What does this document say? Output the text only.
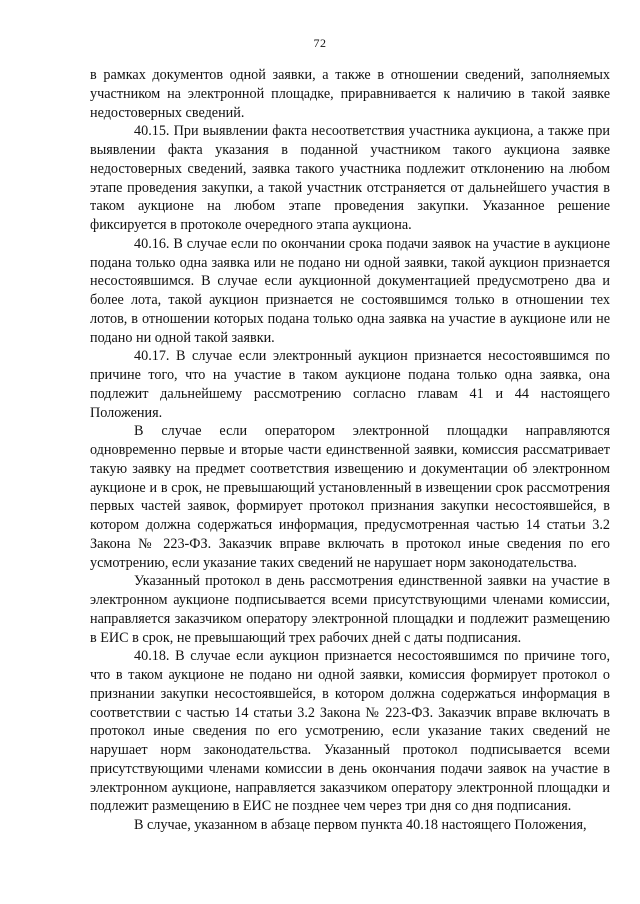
72

в рамках документов одной заявки, а также в отношении сведений, заполняемых участником на электронной площадке, приравнивается к наличию в такой заявке недостоверных сведений.

40.15. При выявлении факта несоответствия участника аукциона, а также при выявлении факта указания в поданной участником такого аукциона заявке недостоверных сведений, заявка такого участника подлежит отклонению на любом этапе проведения закупки, а такой участник отстраняется от дальнейшего участия в таком аукционе на любом этапе проведения закупки. Указанное решение фиксируется в протоколе очередного этапа аукциона.

40.16. В случае если по окончании срока подачи заявок на участие в аукционе подана только одна заявка или не подано ни одной заявки, такой аукцион признается несостоявшимся. В случае если аукционной документацией предусмотрено два и более лота, такой аукцион признается не состоявшимся только в отношении тех лотов, в отношении которых подана только одна заявка на участие в аукционе или не подано ни одной такой заявки.

40.17. В случае если электронный аукцион признается несостоявшимся по причине того, что на участие в таком аукционе подана только одна заявка, она подлежит дальнейшему рассмотрению согласно главам 41 и 44 настоящего Положения.

В случае если оператором электронной площадки направляются одновременно первые и вторые части единственной заявки, комиссия рассматривает такую заявку на предмет соответствия извещению и документации об электронном аукционе и в срок, не превышающий установленный в извещении срок рассмотрения первых частей заявок, формирует протокол признания закупки несостоявшейся, в котором должна содержаться информация, предусмотренная частью 14 статьи 3.2 Закона № 223-ФЗ. Заказчик вправе включать в протокол иные сведения по его усмотрению, если указание таких сведений не нарушает норм законодательства.

Указанный протокол в день рассмотрения единственной заявки на участие в электронном аукционе подписывается всеми присутствующими членами комиссии, направляется заказчиком оператору электронной площадки и подлежит размещению в ЕИС в срок, не превышающий трех рабочих дней с даты подписания.

40.18. В случае если аукцион признается несостоявшимся по причине того, что в таком аукционе не подано ни одной заявки, комиссия формирует протокол о признании закупки несостоявшейся, в котором должна содержаться информация в соответствии с частью 14 статьи 3.2 Закона № 223-ФЗ. Заказчик вправе включать в протокол иные сведения по его усмотрению, если указание таких сведений не нарушает норм законодательства. Указанный протокол подписывается всеми присутствующими членами комиссии в день окончания подачи заявок на участие в электронном аукционе, направляется заказчиком оператору электронной площадки и подлежит размещению в ЕИС не позднее чем через три дня со дня подписания.

В случае, указанном в абзаце первом пункта 40.18 настоящего Положения,
